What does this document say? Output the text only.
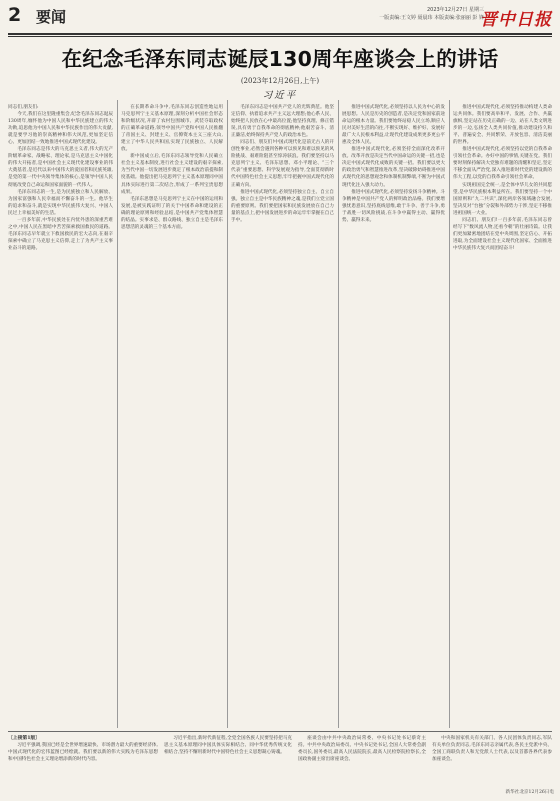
2 要闻	2023年12月27日 星期三
一版责编:王文婷 聂晨玮 本版责编:张丽丽 彭 锋
晋中日报
在纪念毛泽东同志诞辰130周年座谈会上的讲话
(2023年12月26日,上午)
习近平

同志们,朋友们:

今天,我们在这里隆重集会,纪念毛泽东同志诞辰130周年,缅怀他为中国人民和中华民族建立的伟大功勋,追思他为中国人民和中华民族作出的伟大贡献,就是要学习他的崇高精神和伟大风范,更加坚定信心、更加团结一致地推进中国式现代化建设。

毛泽东同志是伟大的马克思主义者,伟大的无产阶级革命家、战略家、理论家,是马克思主义中国化的伟大开拓者,是中国社会主义现代化建设事业的伟大奠基者,是近代以来中国伟大的爱国者和民族英雄,是党的第一代中央领导集体的核心,是领导中国人民彻底改变自己命运和国家面貌的一代伟人。

毛泽东同志的一生,是为民族独立和人民解放、为国家富强和人民幸福而不懈奋斗的一生。他毕生的追求和奋斗,就是实现中华民族伟大复兴、中国人民过上幸福美好的生活。

一百多年前,中华民族处在内忧外患的深重苦难之中,中国人民在黑暗中苦苦探索救国救民的道路。毛泽东同志早年就立下救国救民的宏大志向,在艰辛探索中确立了马克思主义信仰,走上了为共产主义事业奋斗的道路。

在长期革命斗争中,毛泽东同志创造性地运用马克思列宁主义基本原理,深刻分析中国社会形态和阶级状况,开辟了农村包围城市、武装夺取政权的正确革命道路,领导中国共产党和中国人民推翻了帝国主义、封建主义、官僚资本主义三座大山,建立了中华人民共和国,实现了民族独立、人民解放。

新中国成立后,毛泽东同志领导党和人民确立社会主义基本制度,进行社会主义建设的艰辛探索,为当代中国一切发展进步奠定了根本政治前提和制度基础。他提出把马克思列宁主义基本原理同中国具体实际进行第二次结合,形成了一系列宝贵思想成果。

毛泽东思想是马克思列宁主义在中国的运用和发展,是被实践证明了的关于中国革命和建设的正确的理论原则和经验总结,是中国共产党集体智慧的结晶。实事求是、群众路线、独立自主是毛泽东思想活的灵魂的三个基本方面。

毛泽东同志是中国共产党人的光辉典范。他坚定信仰、执着追求共产主义远大理想;他心系人民、始终把人民放在心中最高位置;他坚持真理、修正错误,具有勇于自我革命的彻底精神;他艰苦奋斗、清正廉洁,始终保持共产党人的政治本色。

同志们、朋友们!中国式现代化是前无古人的开创性事业,必然会遇到各种可以预见和难以预见的风险挑战、艰难险阻甚至惊涛骇浪。我们要坚持以马克思列宁主义、毛泽东思想、邓小平理论、“三个代表”重要思想、科学发展观为指导,全面贯彻新时代中国特色社会主义思想,牢牢把握中国式现代化的正确方向。

推进中国式现代化,必须坚持独立自主、自立自强。独立自主是中华民族精神之魂,是我们立党立国的重要原则。我们要把国家和民族发展放在自己力量的基点上,把中国发展进步的命运牢牢掌握在自己手中。

推进中国式现代化,必须坚持以人民为中心的发展思想。人民是历史的创造者,是决定党和国家前途命运的根本力量。我们要始终站稳人民立场,顺应人民对美好生活的向往,不断实现好、维护好、发展好最广大人民根本利益,让现代化建设成果更多更公平惠及全体人民。

推进中国式现代化,必须坚持全面深化改革开放。改革开放是决定当代中国命运的关键一招,也是决定中国式现代化成败的关键一招。我们要以更大的政治勇气和智慧推进改革,坚决破除妨碍推进中国式现代化的思想观念和体制机制弊端,不断为中国式现代化注入强大动力。

推进中国式现代化,必须坚持发扬斗争精神。斗争精神是中国共产党人的鲜明政治品格。我们要增强忧患意识,坚持底线思维,敢于斗争、善于斗争,勇于战胜一切风险挑战,在斗争中赢得主动、赢得优势、赢得未来。

推进中国式现代化,必须坚持推动构建人类命运共同体。我们要高举和平、发展、合作、共赢旗帜,坚定站在历史正确的一边、站在人类文明进步的一边,弘扬全人类共同价值,推动建设持久和平、普遍安全、共同繁荣、开放包容、清洁美丽的世界。

推进中国式现代化,必须坚持以党的自我革命引领社会革命。办好中国的事情,关键在党。我们要时刻保持解决大党独有难题的清醒和坚定,坚定不移全面从严治党,深入推进新时代党的建设新的伟大工程,以党的自我革命引领社会革命。

实现祖国完全统一,是全体中华儿女的共同愿望,是中华民族根本利益所在。我们要坚持一个中国原则和“九二共识”,深化两岸各领域融合发展,坚决反对“台独”分裂和外部势力干涉,坚定不移推进祖国统一大业。

同志们、朋友们!一百多年前,毛泽东同志曾经写下“数风流人物,还看今朝”的壮丽诗篇。让我们更加紧密地团结在党中央周围,坚定信心、开拓进取,为全面建设社会主义现代化国家、全面推进中华民族伟大复兴而团结奋斗!

〔上接第1版〕

习近平强调,我国已经是全世界增速最快、市场潜力最大的重要经济体,中国式现代化的宏伟蓝图已经绘就。我们要以新的伟大实践为毛泽东思想和中国特色社会主义理论增添新的时代内容。

习近平指出,新时代新征程,全党全国各族人民要坚持把马克思主义基本原理同中国具体实际相结合、同中华优秀传统文化相结合,坚持不懈用新时代中国特色社会主义思想凝心铸魂。

座谈会由中共中央政治局常委、中央书记处书记蔡奇主持。中共中央政治局委员、中央书记处书记,全国人大常委会副委员长,国务委员,最高人民法院院长,最高人民检察院检察长,全国政协副主席出席座谈会。

中央和国家机关有关部门、各人民团体负责同志,军队有关单位负责同志,毛泽东同志亲属代表,各民主党派中央、全国工商联负责人和无党派人士代表,以及首都各界代表参加座谈会。

新华社北京12月26日电
